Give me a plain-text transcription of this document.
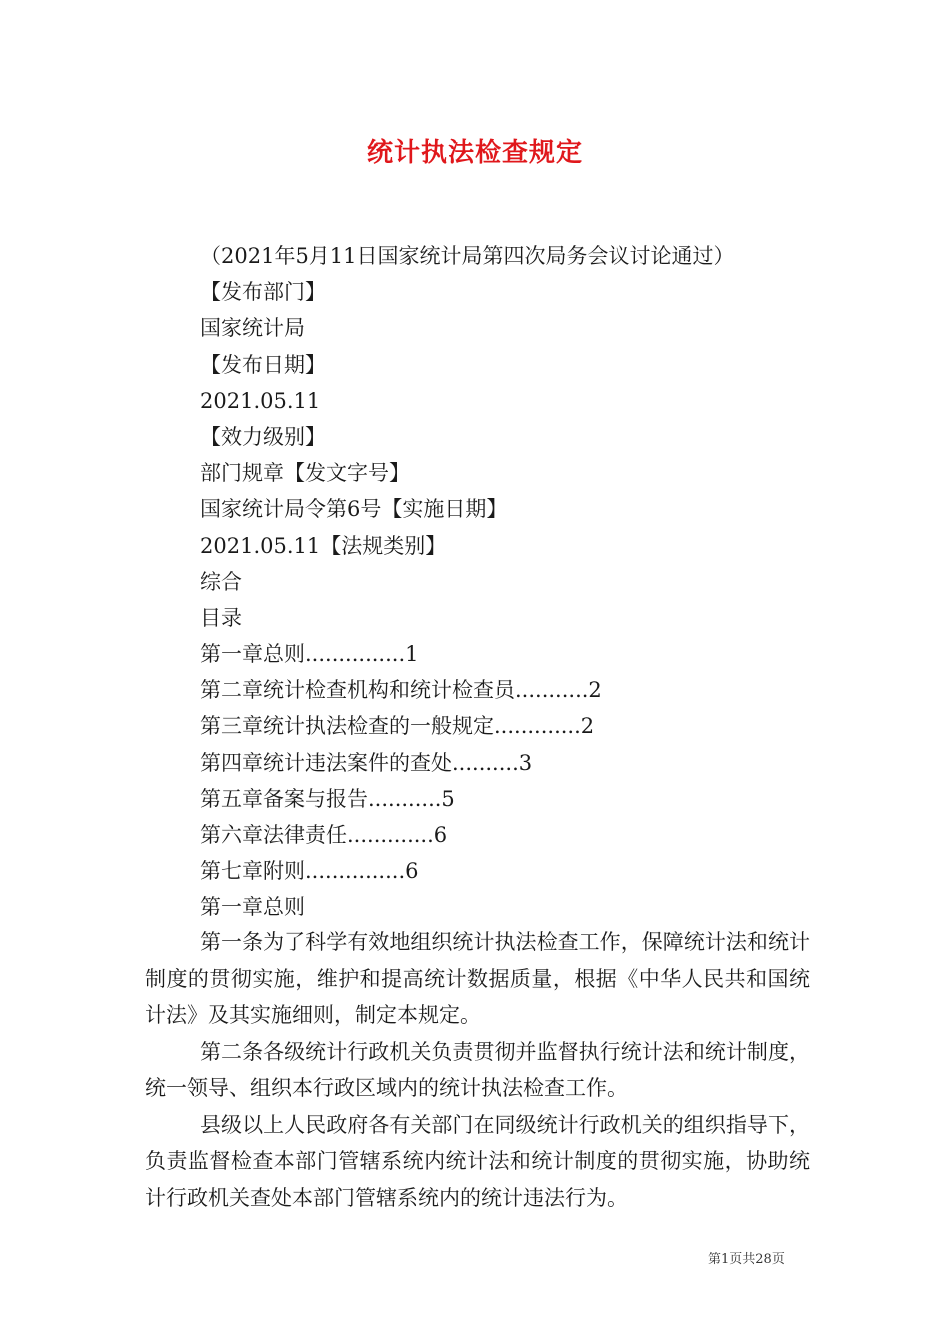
统计执法检查规定
（2021年5月11日国家统计局第四次局务会议讨论通过）
【发布部门】
国家统计局
【发布日期】
2021.05.11
【效力级别】
部门规章【发文字号】
国家统计局令第6号【实施日期】
2021.05.11【法规类别】
综合
目录
第一章总则...............1
第二章统计检查机构和统计检查员...........2
第三章统计执法检查的一般规定.............2
第四章统计违法案件的查处..........3
第五章备案与报告...........5
第六章法律责任.............6
第七章附则...............6
第一章总则

第一条为了科学有效地组织统计执法检查工作，保障统计法和统计制度的贯彻实施，维护和提高统计数据质量，根据《中华人民共和国统计法》及其实施细则，制定本规定。

第二条各级统计行政机关负责贯彻并监督执行统计法和统计制度，统一领导、组织本行政区域内的统计执法检查工作。

县级以上人民政府各有关部门在同级统计行政机关的组织指导下，负责监督检查本部门管辖系统内统计法和统计制度的贯彻实施，协助统计行政机关查处本部门管辖系统内的统计违法行为。

第1页共28页
